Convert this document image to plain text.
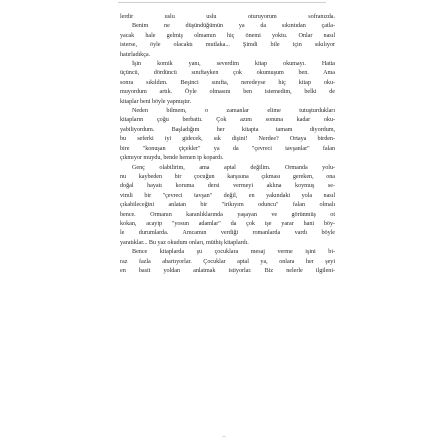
lerdir uslu uslu oturuyorum sofranızda.
Benim ne düşündüğümün ya da sıkıntıdan çatla-
yacak hale gelmiş olmamın hiç önemi yoktu. Onlar nasıl
isterse, öyle olacaktı mutlaka... Şimdi bile için sıkılıyor
hatırladıkça.
İşin komik yanı, severdim kitap okumayı. Hatta
üçüncü, dördüncü sınıftayken çok okumuşum ben. Ama
sonra sıkıldım. Beşinci sınıfta, neredeyse hiç kitap oku-
muyordum artık. Öyle olmasını ben istemedim, belki de
kitaplar beni böyle yapmıştır.
Neden bilmem, o zamanlar elime tutuşturdukları
kitapların çoğu berbattı. Çok azını sonuna kadar oku-
yabiliyordum. Başladığım her kitapta tamam diyordum,
bu seferki iyi gidecek, sık dişini! Nerdee? Ortaya birden-
bire "konuşan çiçekler" ya da "çevreci tavşanlar" falan
çıkmıyor muydu, bende hemen ip kopardı.
Genç olabilirim, ama aptal değilim. Ormanda yolu-
nu kaybeden bir çocuğun karşısına çıkması gereken, ona
doğal hayatı koruma dersi vermeyi aklına koymuş se-
vimli bir "çevreci tavşan" değil, en yakındaki yola nasıl
çıkabileceğini anlatan bir "irikıyım oduncu" falan olmalı
bence. Ormanın karanlıklarında yaşayan ve görünmüş ot
kokan, acayip "yosun adamlar" da çok işe yarar hani böy-
le durumlarda. Amcamın verdiği romanlarda vardı böyle
yaratıklar... Bu yaz okudum onları, müthiş kitaplardı.
Bence kitaplarda şu çocuklara mesaj verme işini bi-
raz fazla abartıyorlar. Çocuklar aptal ya, onlara her şeyi
en basit yoldan anlatmak istiyorlar. Biz nelerle ilgileni-
